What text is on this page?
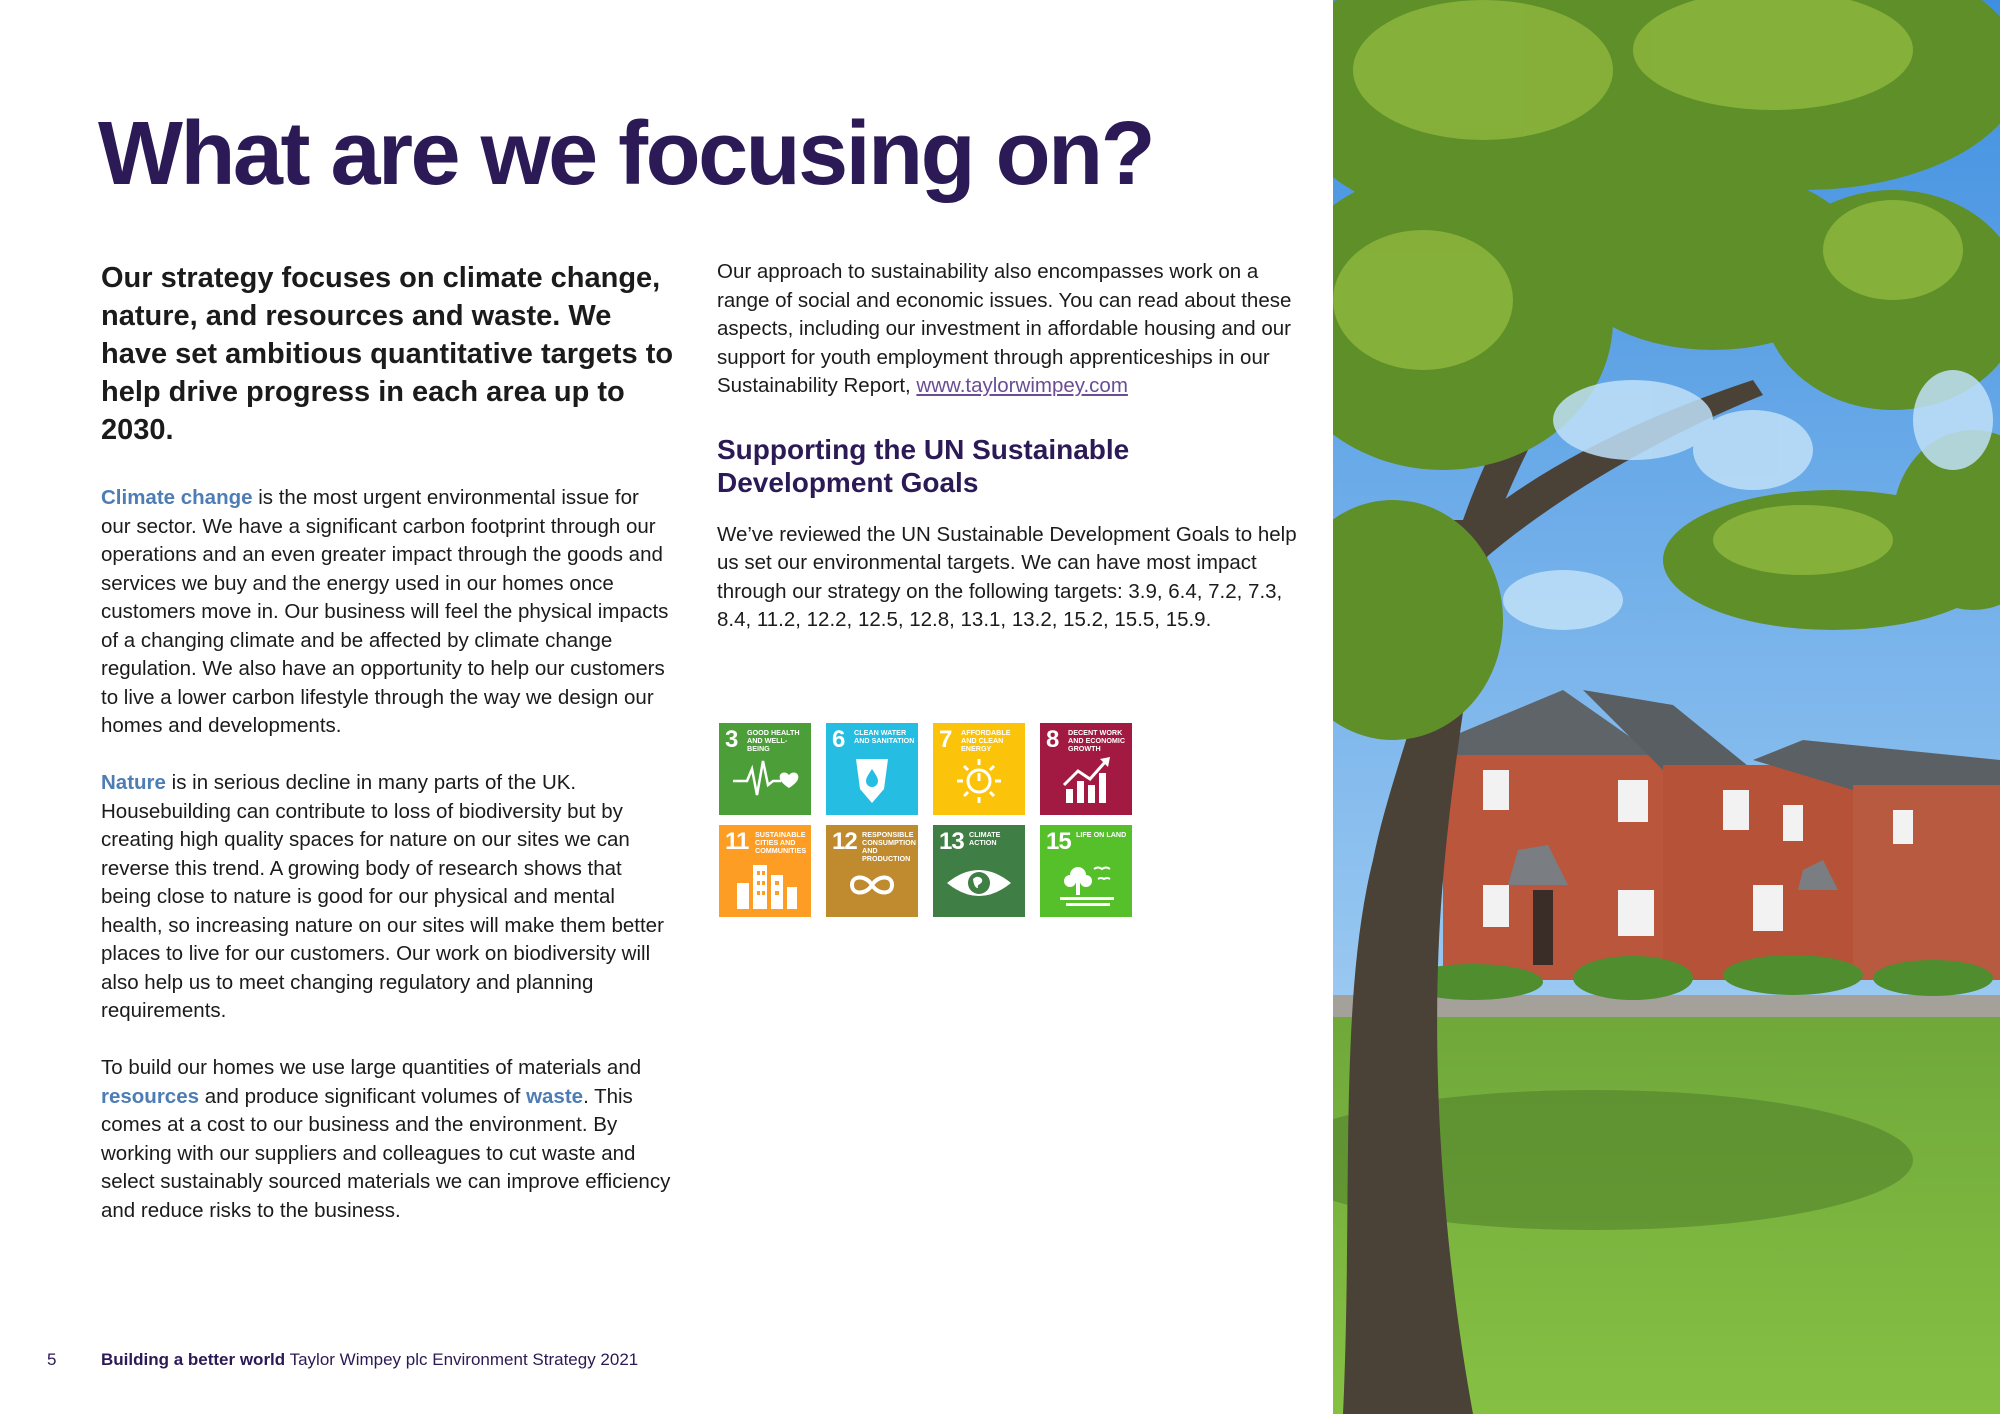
What are we focusing on?

Our strategy focuses on climate change, nature, and resources and waste. We have set ambitious quantitative targets to help drive progress in each area up to 2030.

Climate change is the most urgent environmental issue for our sector. We have a significant carbon footprint through our operations and an even greater impact through the goods and services we buy and the energy used in our homes once customers move in. Our business will feel the physical impacts of a changing climate and be affected by climate change regulation. We also have an opportunity to help our customers to live a lower carbon lifestyle through the way we design our homes and developments.

Nature is in serious decline in many parts of the UK. Housebuilding can contribute to loss of biodiversity but by creating high quality spaces for nature on our sites we can reverse this trend. A growing body of research shows that being close to nature is good for our physical and mental health, so increasing nature on our sites will make them better places to live for our customers. Our work on biodiversity will also help us to meet changing regulatory and planning requirements.

To build our homes we use large quantities of materials and resources and produce significant volumes of waste. This comes at a cost to our business and the environment. By working with our suppliers and colleagues to cut waste and select sustainably sourced materials we can improve efficiency and reduce risks to the business.

Our approach to sustainability also encompasses work on a range of social and economic issues. You can read about these aspects, including our investment in affordable housing and our support for youth employment through apprenticeships in our Sustainability Report, www.taylorwimpey.com

Supporting the UN Sustainable Development Goals

We’ve reviewed the UN Sustainable Development Goals to help us set our environmental targets. We can have most impact through our strategy on the following targets: 3.9, 6.4, 7.2, 7.3, 8.4, 11.2, 12.2, 12.5, 12.8, 13.1, 13.2, 15.2, 15.5, 15.9.

3 GOOD HEALTH AND WELL-BEING	6 CLEAN WATER AND SANITATION 7 AFFORDABLE AND CLEAN ENERGY	8 DECENT WORK AND ECONOMIC GROWTH
11 SUSTAINABLE CITIES AND COMMUNITIES 12 RESPONSIBLE CONSUMPTION AND PRODUCTION
13 CLIMATE ACTION	15 LIFE ON LAND
5	Building a better world Taylor Wimpey plc Environment Strategy 2021
